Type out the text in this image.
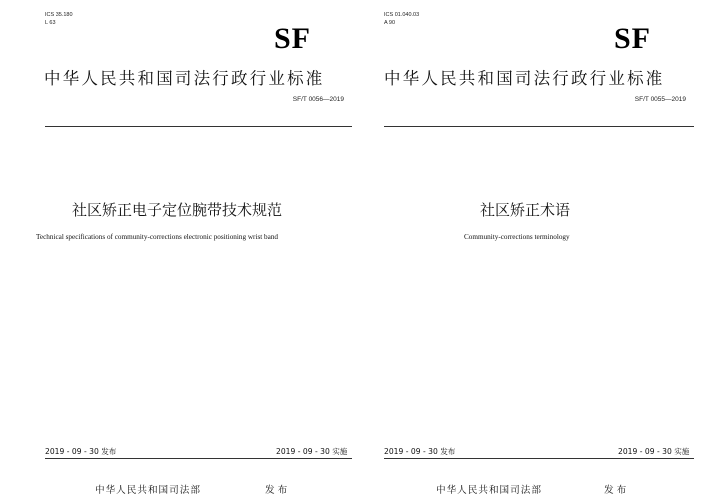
ICS 35.180
L 63	SF
中华人民共和国司法行政行业标准
SF/T 0056—2019
社区矫正电子定位腕带技术规范
Technical specifications of community-corrections electronic positioning wrist band
2019 - 09 - 30 发布	2019 - 09 - 30 实施
中华人民共和国司法部	发布
ICS 01.040.03
A 90	SF
中华人民共和国司法行政行业标准
SF/T 0055—2019
社区矫正术语
Community-corrections terminology
2019 - 09 - 30 发布	2019 - 09 - 30 实施
中华人民共和国司法部	发布
